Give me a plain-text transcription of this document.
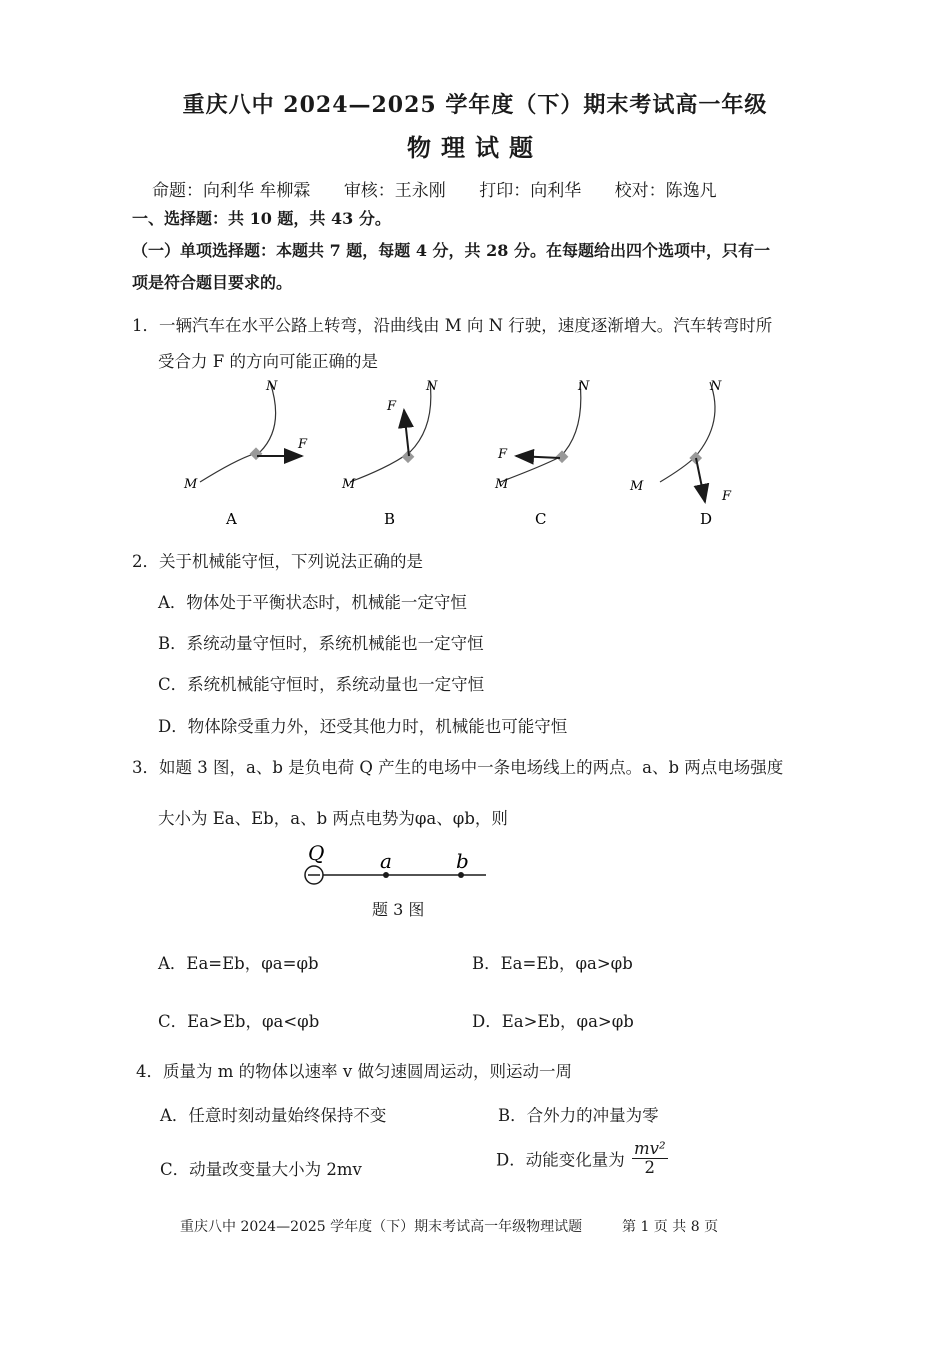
重庆八中 2024—2025 学年度（下）期末考试高一年级
物理试题
命题：向利华 牟柳霖 审核：王永刚 打印：向利华 校对：陈逸凡
一、选择题：共 10 题，共 43 分。
（一）单项选择题：本题共 7 题，每题 4 分，共 28 分。在每题给出四个选项中，只有一
项是符合题目要求的。
1．一辆汽车在水平公路上转弯，沿曲线由 M 向 N 行驶，速度逐渐增大。汽车转弯时所
受合力 F 的方向可能正确的是
M
N
F
A
M
N
F
B
M
N
F
C
M
N
F
D
2．关于机械能守恒，下列说法正确的是
A．物体处于平衡状态时，机械能一定守恒
B．系统动量守恒时，系统机械能也一定守恒
C．系统机械能守恒时，系统动量也一定守恒
D．物体除受重力外，还受其他力时，机械能也可能守恒
3．如题 3 图，a、b 是负电荷 Q 产生的电场中一条电场线上的两点。a、b 两点电场强度
大小为 Ea、Eb，a、b 两点电势为φa、φb，则
Q	a	b
题 3 图
A．Ea=Eb，φa=φb	B．Ea=Eb，φa>φb
C．Ea>Eb，φa<φb	D．Ea>Eb，φa>φb
4．质量为 m 的物体以速率 v 做匀速圆周运动，则运动一周
A．任意时刻动量始终保持不变	B．合外力的冲量为零
C．动量改变量大小为 2mv	D．动能变化量为 $\frac{\text{mv²}}{2}$
重庆八中 2024—2025 学年度（下）期末考试高一年级物理试题	第 1 页 共 8 页
